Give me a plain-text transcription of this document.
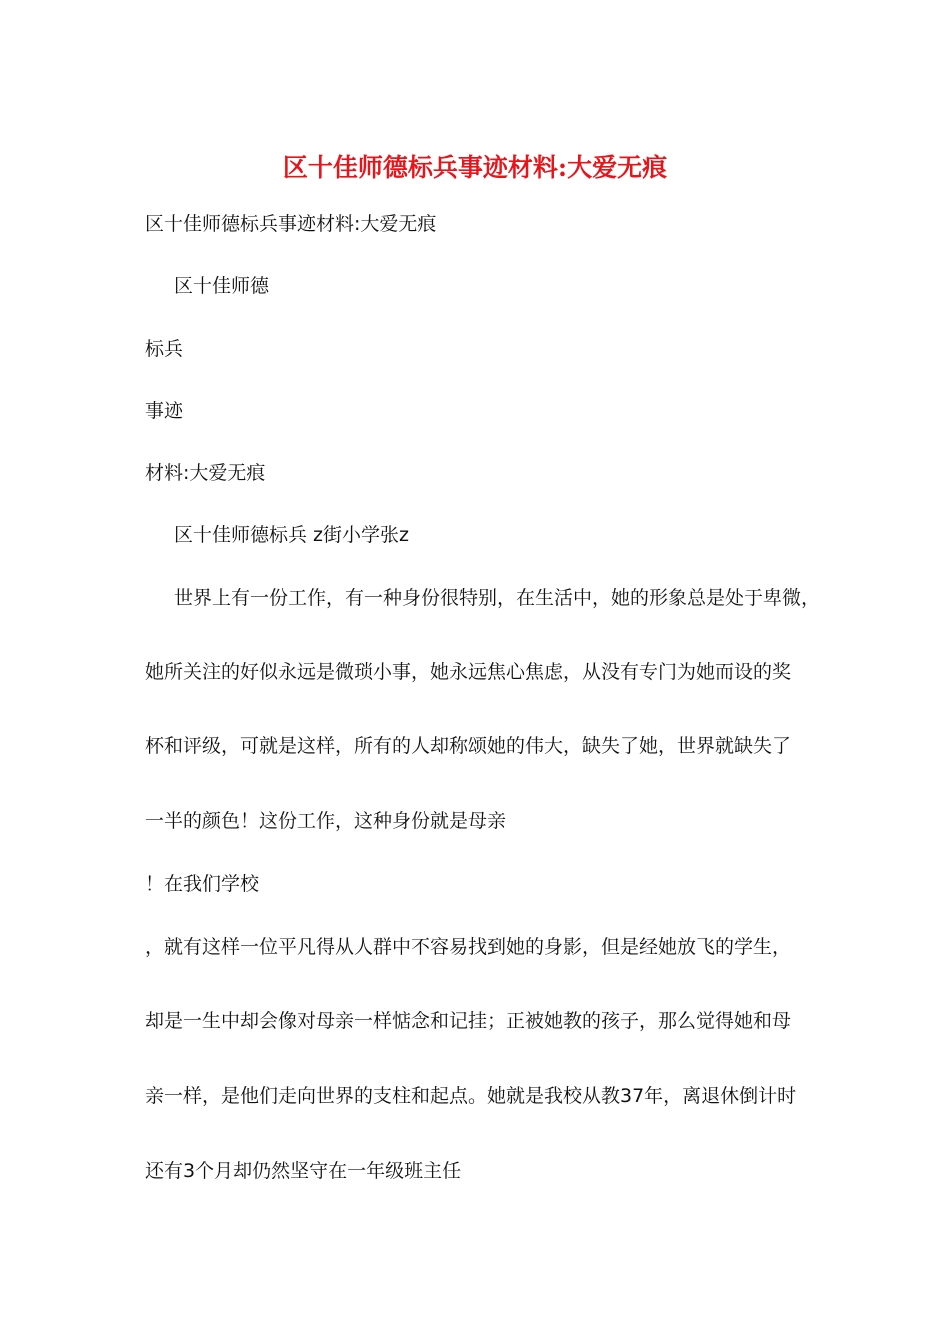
区十佳师德标兵事迹材料:大爱无痕
区十佳师德标兵事迹材料:大爱无痕
区十佳师德
标兵
事迹
材料:大爱无痕
区十佳师德标兵 z街小学张z
世界上有一份工作，有一种身份很特别，在生活中，她的形象总是处于卑微，
她所关注的好似永远是微琐小事，她永远焦心焦虑，从没有专门为她而设的奖
杯和评级，可就是这样，所有的人却称颂她的伟大，缺失了她，世界就缺失了
一半的颜色！这份工作，这种身份就是母亲
！在我们学校
，就有这样一位平凡得从人群中不容易找到她的身影，但是经她放飞的学生，
却是一生中却会像对母亲一样惦念和记挂；正被她教的孩子，那么觉得她和母
亲一样，是他们走向世界的支柱和起点。她就是我校从教37年，离退休倒计时
还有3个月却仍然坚守在一年级班主任
